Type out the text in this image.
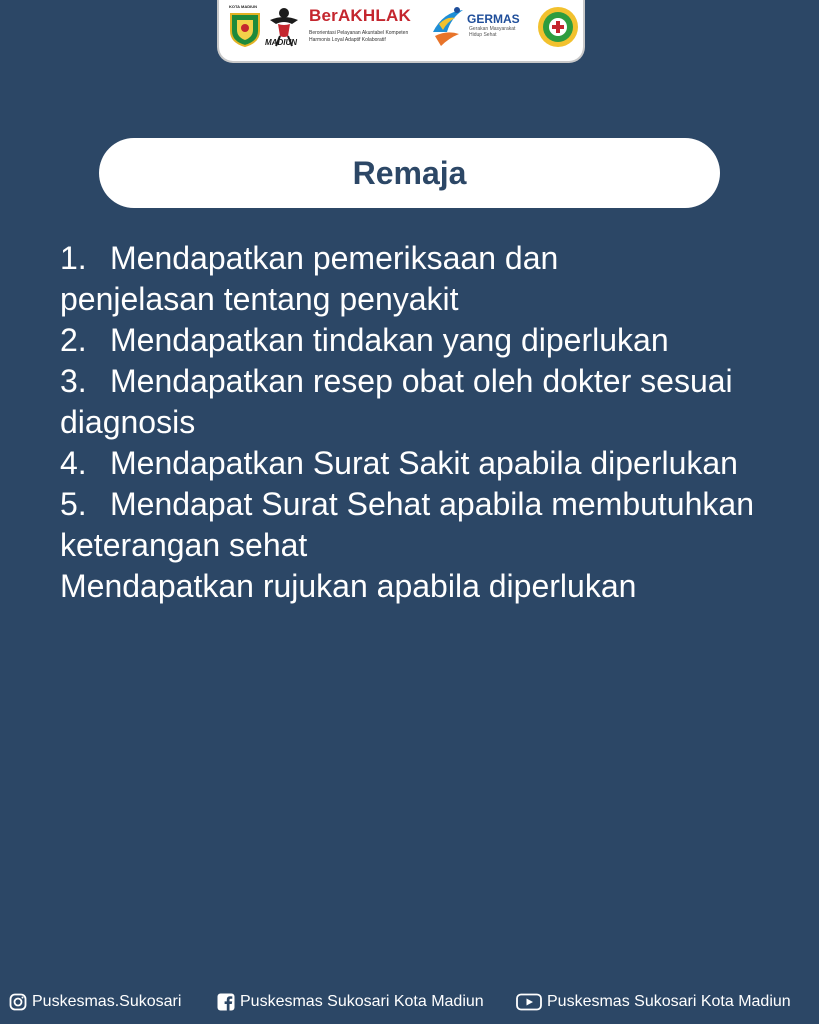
KOTA MADIUN
MADIUN
BerAKHLAK
Berorientasi Pelayanan Akuntabel Kompeten
Harmonis Loyal Adaptif Kolaboratif
GERMAS
Gerakan Masyarakat
Hidup Sehat
Remaja

1. Mendapatkan pemeriksaan dan

penjelasan tentang penyakit

2. Mendapatkan tindakan yang diperlukan

3. Mendapatkan resep obat oleh dokter sesuai

diagnosis

4. Mendapatkan Surat Sakit apabila diperlukan

5. Mendapat Surat Sehat apabila membutuhkan

keterangan sehat

Mendapatkan rujukan apabila diperlukan

Puskesmas.Sukosari	Puskesmas Sukosari Kota Madiun	Puskesmas Sukosari Kota Madiun
